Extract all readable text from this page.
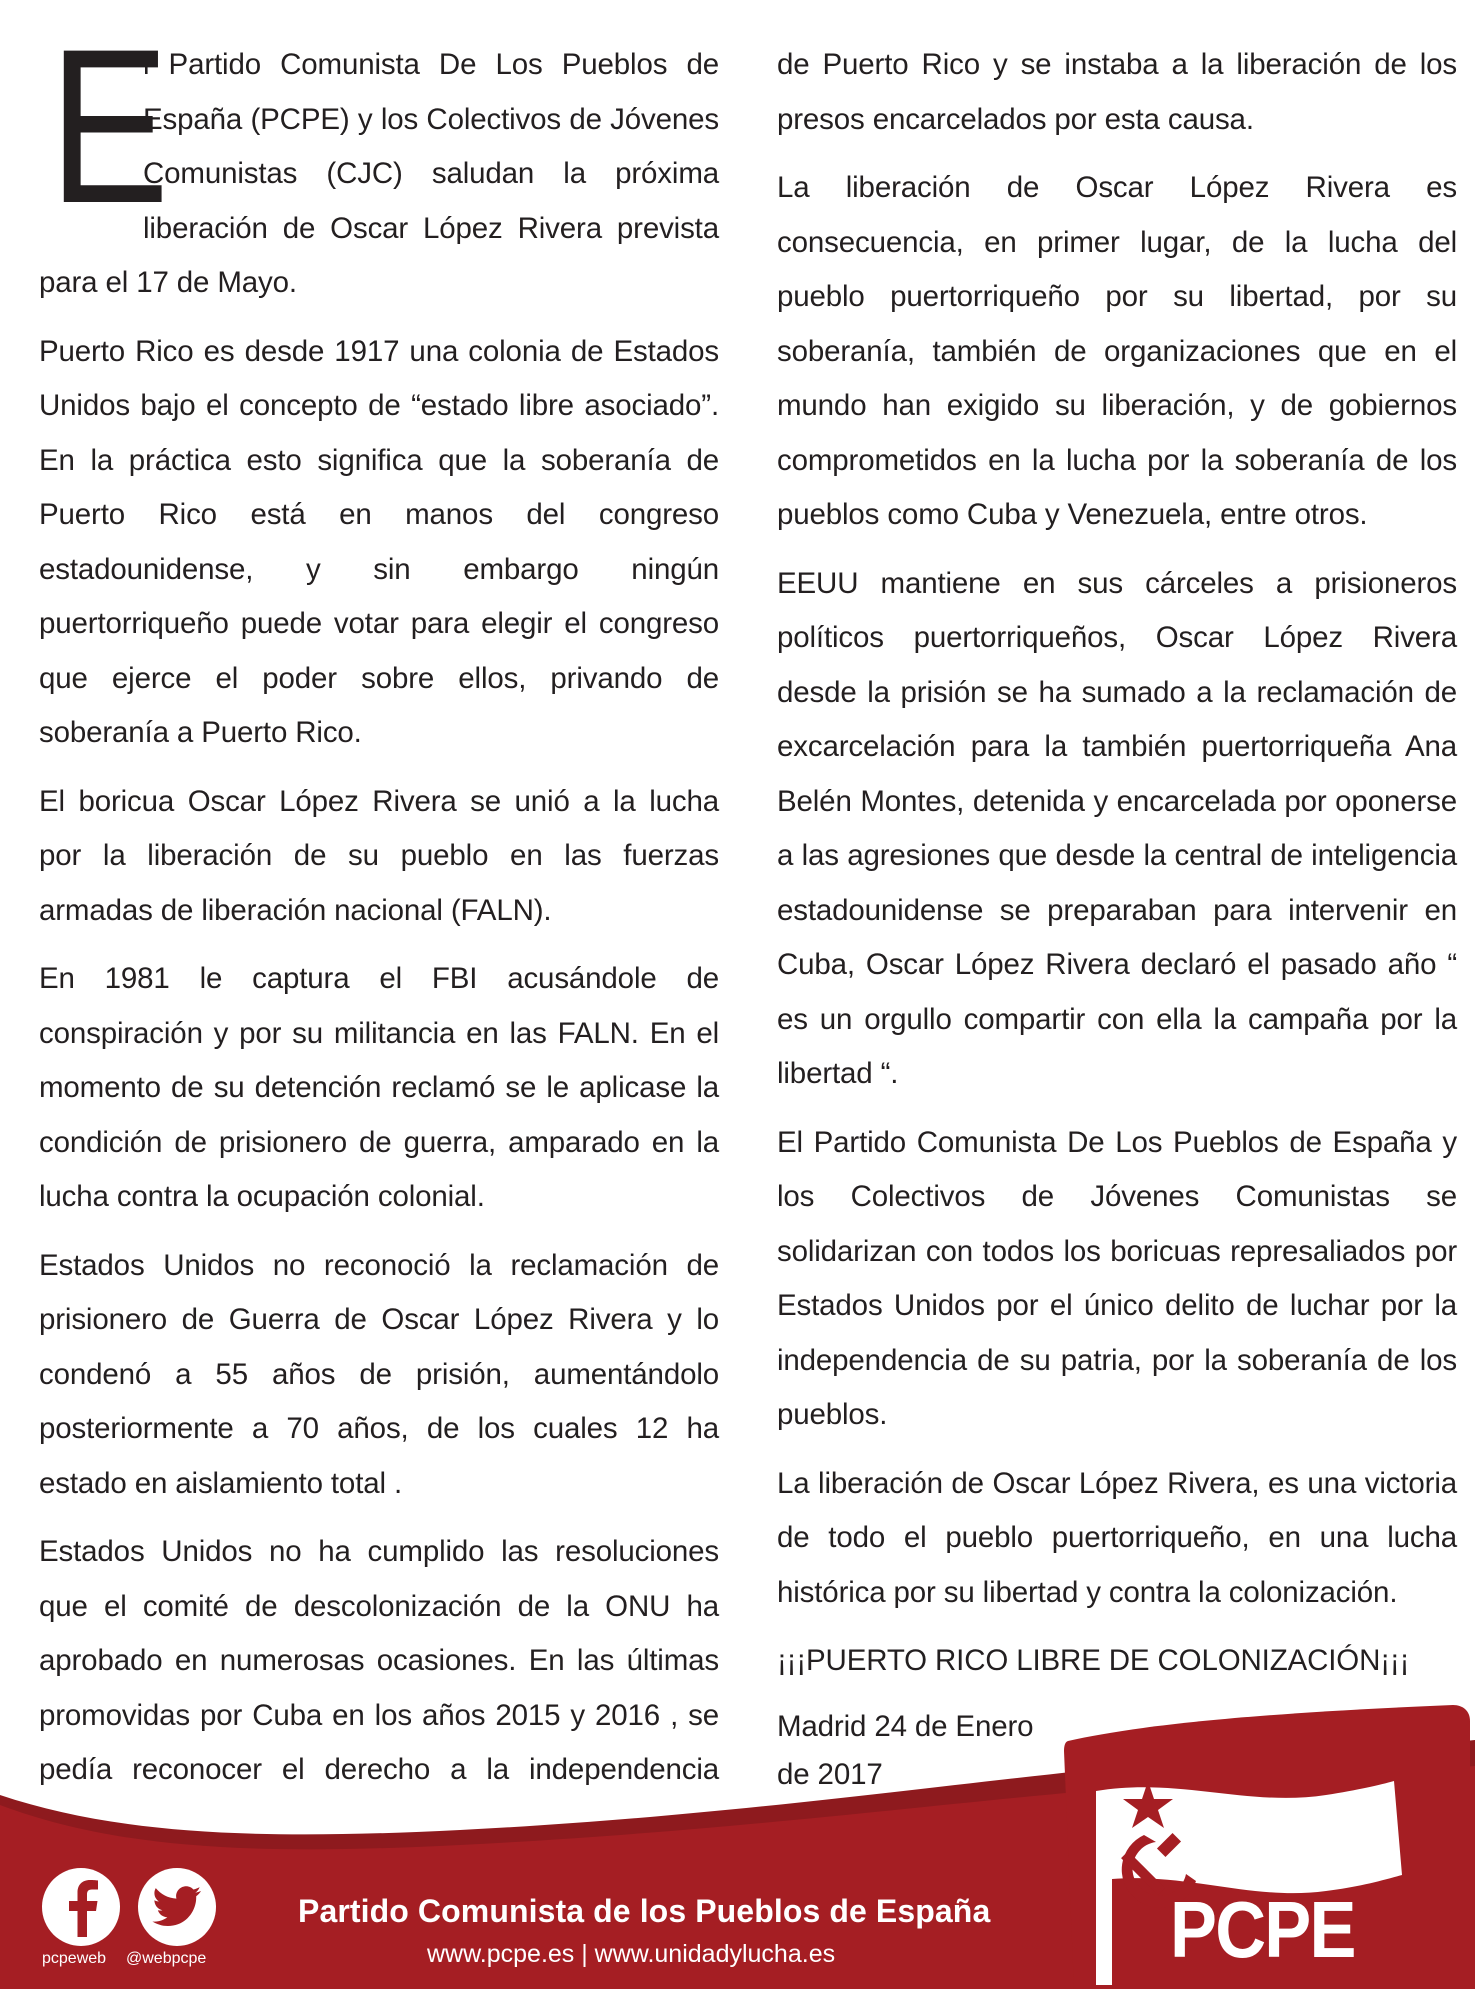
E
l Partido Comunista De Los Pueblos de España (PCPE) y los Colectivos de Jóvenes Comunistas (CJC) saludan la próxima liberación de Oscar López Rivera prevista para el 17 de Mayo.

Puerto Rico es desde 1917 una colonia de Estados Unidos bajo el concepto de “estado libre asociado”. En la práctica esto significa que la soberanía de Puerto Rico está en manos del congreso estadounidense, y sin embargo ningún puertorriqueño puede votar para elegir el congreso que ejerce el poder sobre ellos, privando de soberanía a Puerto Rico.

El boricua Oscar López Rivera se unió a la lucha por la liberación de su pueblo en las fuerzas armadas de liberación nacional (FALN).

En 1981 le captura el FBI acusándole de conspiración y por su militancia en las FALN. En el momento de su detención reclamó se le aplicase la condición de prisionero de guerra, amparado en la lucha contra la ocupación colonial.

Estados Unidos no reconoció la reclamación de prisionero de Guerra de Oscar López Rivera y lo condenó a 55 años de prisión, aumentándolo posteriormente a 70 años, de los cuales 12 ha estado en aislamiento total .

Estados Unidos no ha cumplido las resoluciones que el comité de descolonización de la ONU ha aprobado en numerosas ocasiones. En las últimas promovidas por Cuba en los años 2015 y 2016 , se pedía reconocer el derecho a la independencia

de Puerto Rico y se instaba a la liberación de los presos encarcelados por esta causa.

La liberación de Oscar López Rivera es consecuencia, en primer lugar, de la lucha del pueblo puertorriqueño por su libertad, por su soberanía, también de organizaciones que en el mundo han exigido su liberación, y de gobiernos comprometidos en la lucha por la soberanía de los pueblos como Cuba y Venezuela, entre otros.

EEUU mantiene en sus cárceles a prisioneros políticos puertorriqueños, Oscar López Rivera desde la prisión se ha sumado a la reclamación de excarcelación para la también puertorriqueña Ana Belén Montes, detenida y encarcelada por oponerse a las agresiones que desde la central de inteligencia estadounidense se preparaban para intervenir en Cuba, Oscar López Rivera declaró el pasado año “ es un orgullo compartir con ella la campaña por la libertad “.

El Partido Comunista De Los Pueblos de España y los Colectivos de Jóvenes Comunistas se solidarizan con todos los boricuas represaliados por Estados Unidos por el único delito de luchar por la independencia de su patria, por la soberanía de los pueblos.

La liberación de Oscar López Rivera, es una victoria de todo el pueblo puertorriqueño, en una lucha histórica por su libertad y contra la colonización.

¡¡¡PUERTO RICO LIBRE DE COLONIZACIÓN¡¡¡

Madrid 24 de Enero
de 2017
pcpeweb @webpcpe
Partido Comunista de los Pueblos de España
www.pcpe.es | www.unidadylucha.es	PCPE
